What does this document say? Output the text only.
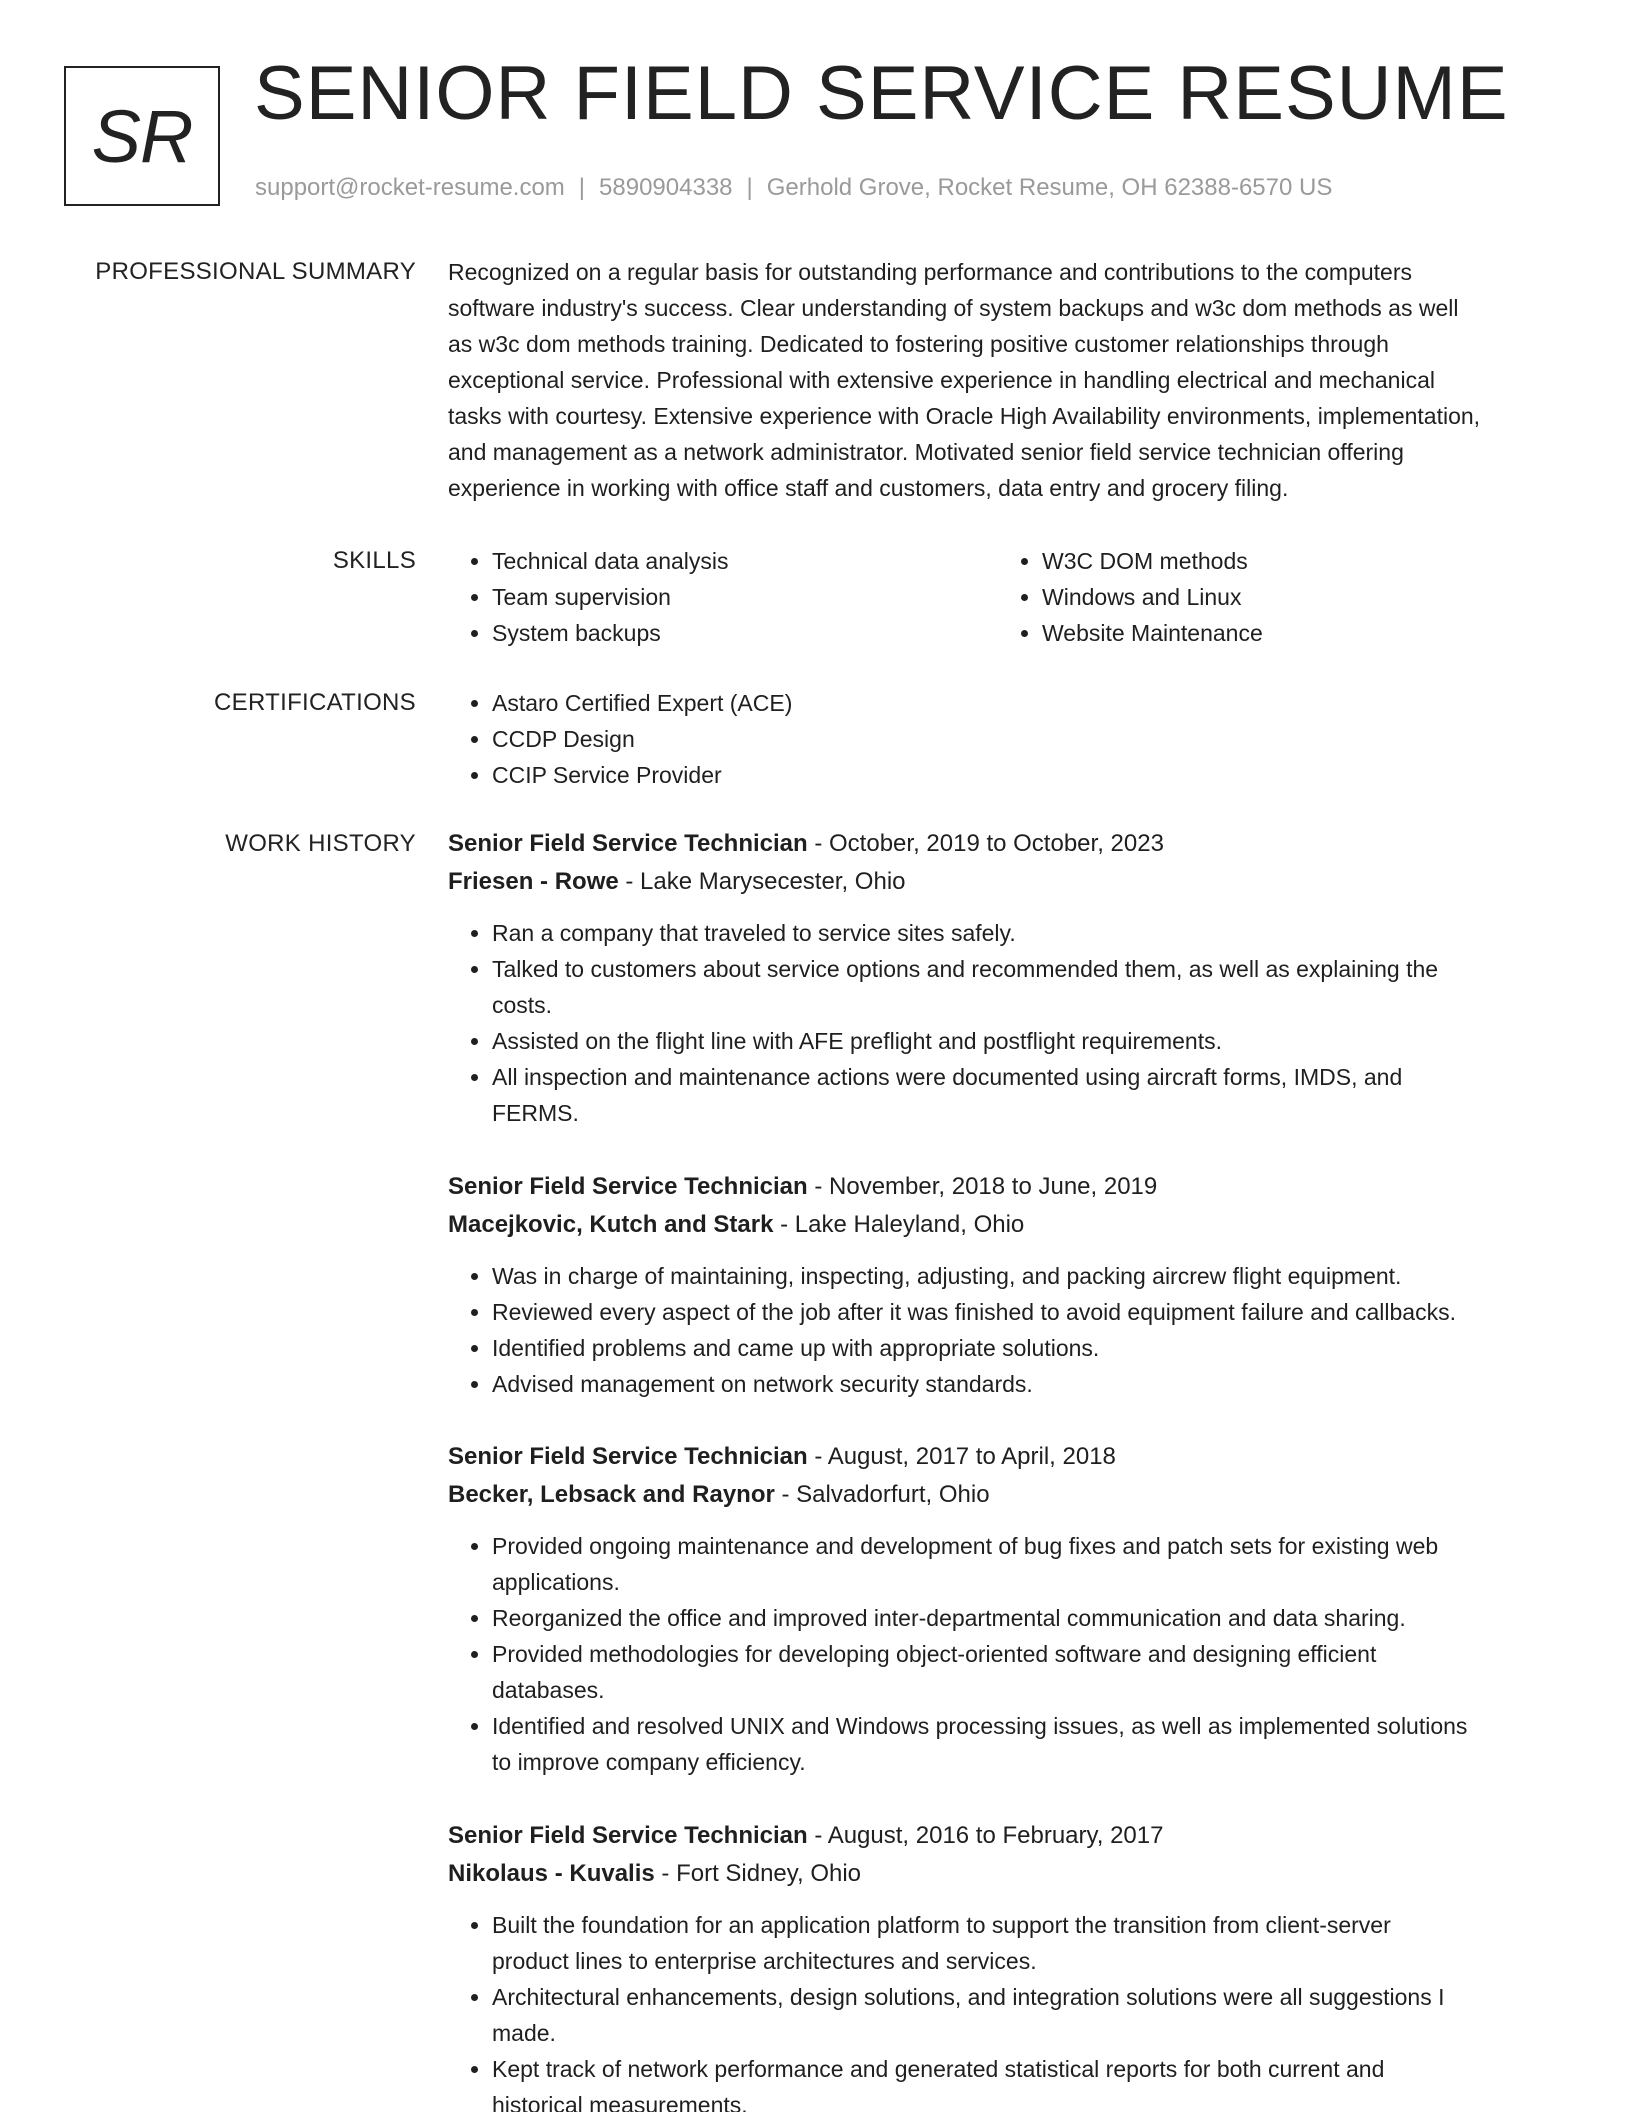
SR SENIOR FIELD SERVICE RESUME
support@rocket-resume.com | 5890904338 | Gerhold Grove, Rocket Resume, OH 62388-6570 US
PROFESSIONAL SUMMARY Recognized on a regular basis for outstanding performance and contributions to the computers
software industry's success. Clear understanding of system backups and w3c dom methods as well
as w3c dom methods training. Dedicated to fostering positive customer relationships through
exceptional service. Professional with extensive experience in handling electrical and mechanical
tasks with courtesy. Extensive experience with Oracle High Availability environments, implementation,
and management as a network administrator. Motivated senior field service technician offering
experience in working with office staff and customers, data entry and grocery filing.
SKILLS	• Technical data analysis
• Team supervision
• System backups
• W3C DOM methods
• Windows and Linux
• Website Maintenance
CERTIFICATIONS	• Astaro Certified Expert (ACE)
• CCDP Design
• CCIP Service Provider
WORK HISTORY Senior Field Service Technician - October, 2019 to October, 2023
Friesen - Rowe - Lake Marysecester, Ohio
• Ran a company that traveled to service sites safely.
• Talked to customers about service options and recommended them, as well as explaining the
costs.
• Assisted on the flight line with AFE preflight and postflight requirements.
• All inspection and maintenance actions were documented using aircraft forms, IMDS, and
FERMS.
Senior Field Service Technician - November, 2018 to June, 2019
Macejkovic, Kutch and Stark - Lake Haleyland, Ohio
• Was in charge of maintaining, inspecting, adjusting, and packing aircrew flight equipment.
• Reviewed every aspect of the job after it was finished to avoid equipment failure and callbacks.
• Identified problems and came up with appropriate solutions.
• Advised management on network security standards.
Senior Field Service Technician - August, 2017 to April, 2018
Becker, Lebsack and Raynor - Salvadorfurt, Ohio
• Provided ongoing maintenance and development of bug fixes and patch sets for existing web
applications.
• Reorganized the office and improved inter-departmental communication and data sharing.
• Provided methodologies for developing object-oriented software and designing efficient
databases.
• Identified and resolved UNIX and Windows processing issues, as well as implemented solutions
to improve company efficiency.
Senior Field Service Technician - August, 2016 to February, 2017
Nikolaus - Kuvalis - Fort Sidney, Ohio
• Built the foundation for an application platform to support the transition from client-server
product lines to enterprise architectures and services.
• Architectural enhancements, design solutions, and integration solutions were all suggestions I
made.
• Kept track of network performance and generated statistical reports for both current and
historical measurements.
